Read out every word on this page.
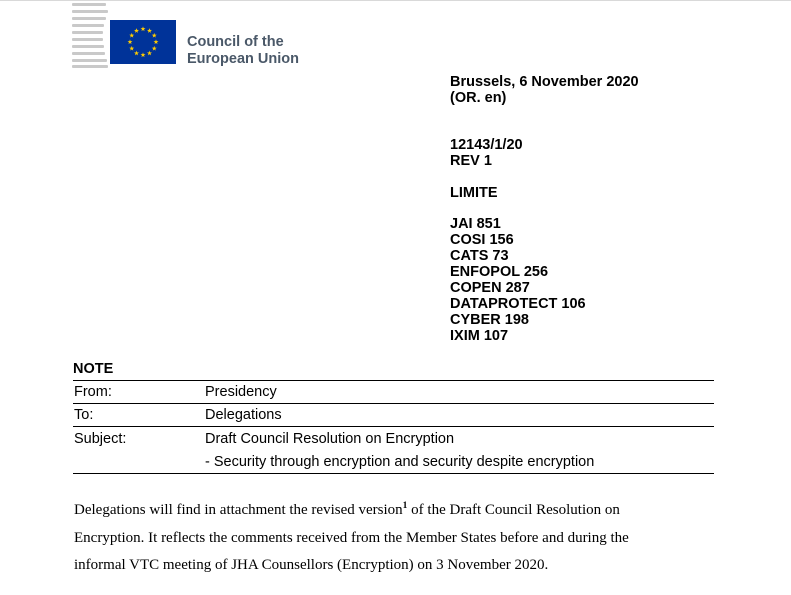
Council of the
European Union
Brussels, 6 November 2020
(OR. en)
12143/1/20
REV 1
LIMITE
JAI 851
COSI 156
CATS 73
ENFOPOL 256
COPEN 287
DATAPROTECT 106
CYBER 198
IXIM 107
NOTE
From:	Presidency
To:	Delegations
Subject:	Draft Council Resolution on Encryption
- Security through encryption and security despite encryption
Delegations will find in attachment the revised version$^1$ of the Draft Council Resolution on
Encryption. It reflects the comments received from the Member States before and during the
informal VTC meeting of JHA Counsellors (Encryption) on 3 November 2020.
